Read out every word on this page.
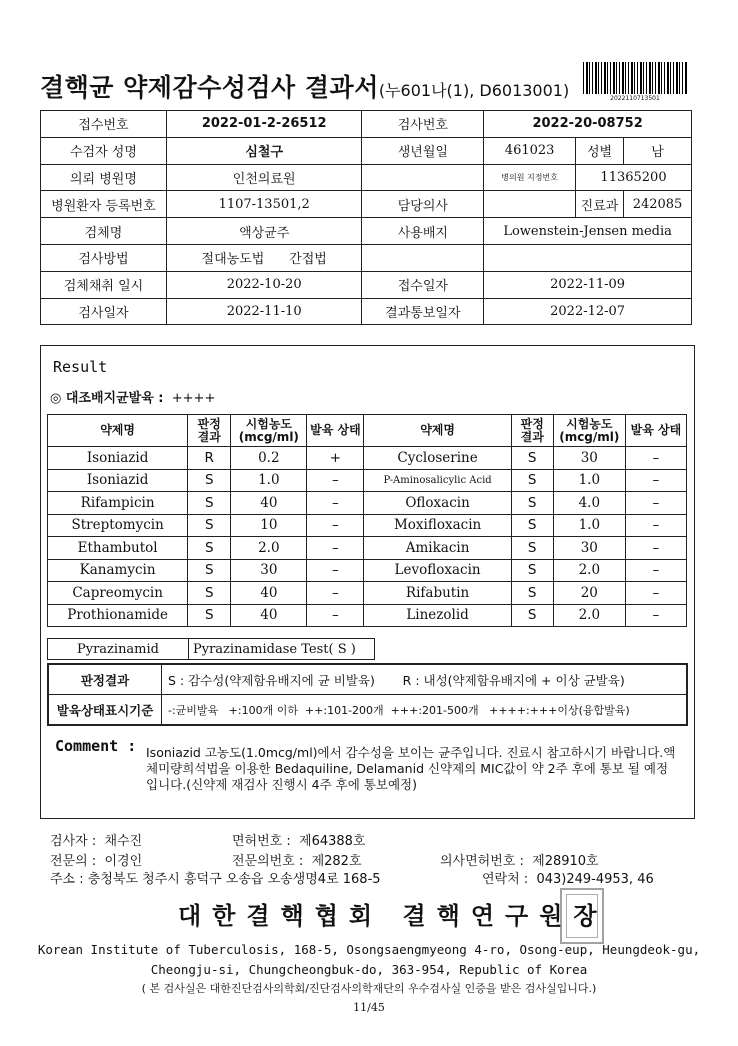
결핵균 약제감수성검사 결과서(누601나(1), D6013001)	2022110713501
접수번호	2022-01-2-26512	검사번호	2022-20-08752		
수검자 성명	심철구	생년월일	461023	성별	남
의뢰 병원명	인천의료원		병의원 지정번호	11365200	
병원환자 등록번호	1107-13501,2	담당의사		진료과	242085
검체명	액상균주	사용배지	Lowenstein-Jensen media		
검사방법	절대농도법 간접법				
검체채취 일시	2022-10-20	접수일자	2022-11-09		
검사일자	2022-11-10	결과통보일자	2022-12-07		
Result
◎ 대조배지균발육 : ++++
약제명	판정 결과	시험농도 (mcg/ml)	발육 상태	약제명	판정 결과	시험농도 (mcg/ml)	발육 상태
Isoniazid	R	0.2	+	Cycloserine	S	30	–
Isoniazid	S	1.0	–	P-Aminosalicylic Acid	S	1.0	–
Rifampicin	S	40	–	Ofloxacin	S	4.0	–
Streptomycin	S	10	–	Moxifloxacin	S	1.0	–
Ethambutol	S	2.0	–	Amikacin	S	30	–
Kanamycin	S	30	–	Levofloxacin	S	2.0	–
Capreomycin	S	40	–	Rifabutin	S	20	–
Prothionamide	S	40	–	Linezolid	S	2.0	–
Pyrazinamid	Pyrazinamidase Test( S )
판정결과	S : 감수성(약제함유배지에 균 비발육) R : 내성(약제함유배지에 + 이상 균발육)
발육상태표시기준	-:균비발육   +:100개 이하  ++:101-200개  +++:201-500개   ++++:+++이상(융합발육)
Comment : Isoniazid 고농도(1.0mcg/ml)에서 감수성을 보이는 균주입니다. 진료시 참고하시기 바랍니다.액체미량희석법을 이용한 Bedaquiline, Delamanid 신약제의 MIC값이 약 2주 후에 통보 될 예정입니다.(신약제 재검사 진행시 4주 후에 통보예정)
검사자 : 채수진	면허번호 : 제64388호
전문의 : 이경인	전문의번호 : 제282호	의사면허번호 : 제28910호
주소 : 충청북도 청주시 흥덕구 오송읍 오송생명4로 168-5	연락처 : 043)249-4953, 46
대한결핵협회 결핵연구원장
Korean Institute of Tuberculosis, 168-5, Osongsaengmyeong 4-ro, Osong-eup, Heungdeok-gu,
Cheongju-si, Chungcheongbuk-do, 363-954, Republic of Korea
( 본 검사실은 대한진단검사의학회/진단검사의학재단의 우수검사실 인증을 받은 검사실입니다.)
11/45
